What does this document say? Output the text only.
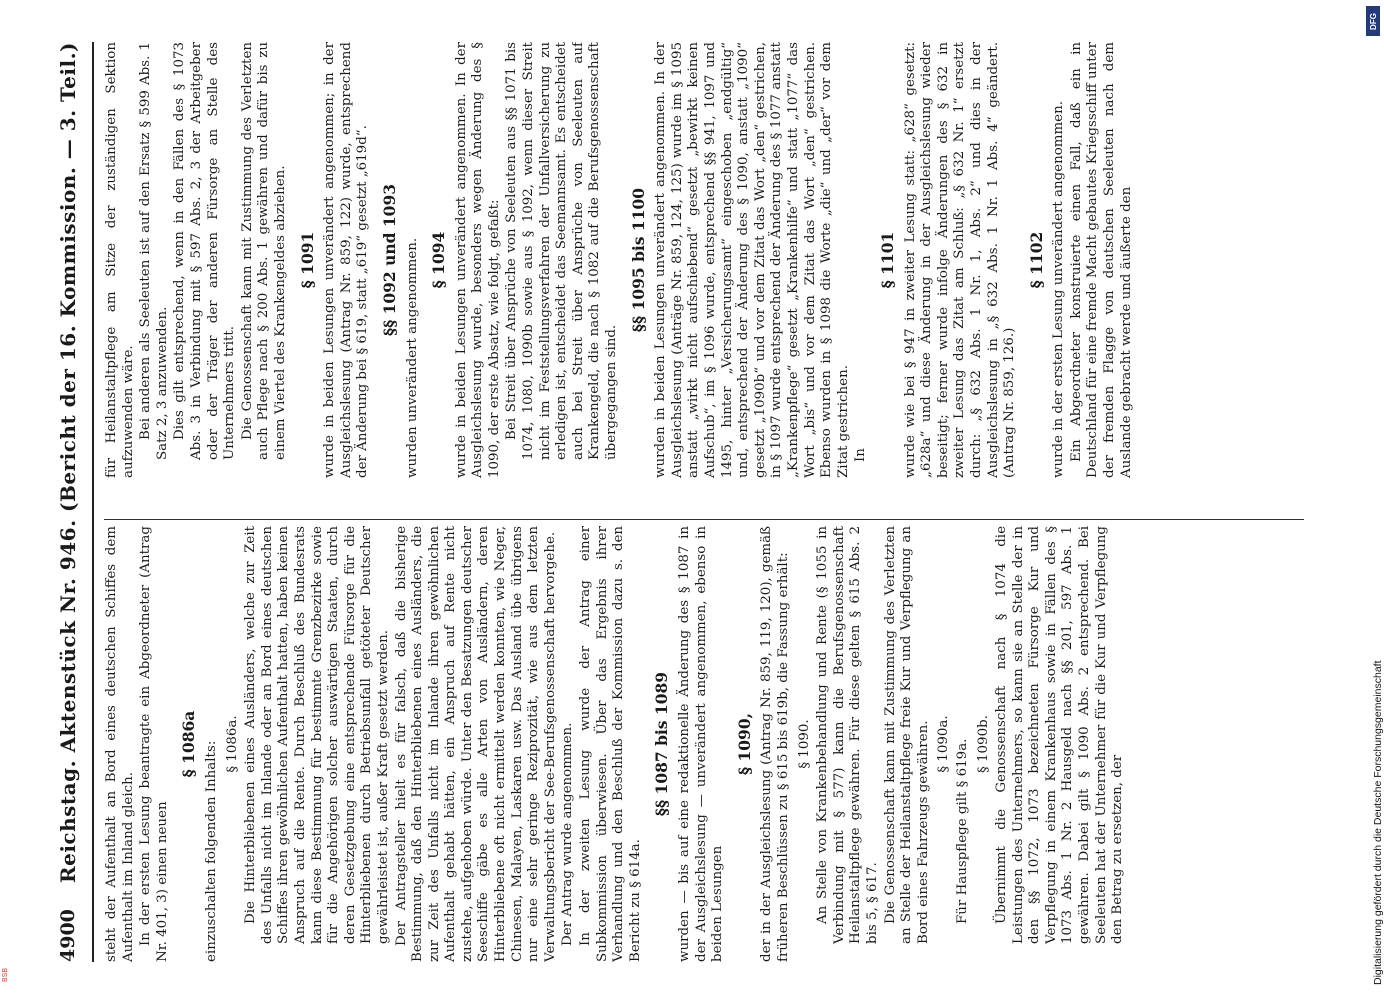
4900
Reichstag. Aktenstück Nr. 946. (Bericht der 16. Kommission. — 3. Teil.) steht der Aufenthalt an Bord eines deutschen Schiffes dem Aufenthalt im Inland gleich. In der ersten Lesung beantragte ein Abgeordneter (Antrag Nr. 401, 3) einen neuen

§ 1086a einzuschalten folgenden Inhalts: § 1086a. Die Hinterbliebenen eines Ausländers, welche zur Zeit des Unfalls nicht im Inlande oder an Bord eines deutschen Schiffes ihren gewöhnlichen Aufenthalt hatten, haben keinen Anspruch auf die Rente. Durch Beschluß des Bundesrats kann diese Bestimmung für bestimmte Grenzbezirke sowie für die Angehörigen solcher auswärtigen Staaten, durch deren Gesetzgebung eine entsprechende Fürsorge für die Hinterbliebenen durch Betriebsunfall getöteter Deutscher gewährleistet ist, außer Kraft gesetzt werden. Der Antragsteller hielt es für falsch, daß die bisherige Bestimmung, daß den Hinterbliebenen eines Ausländers, die zur Zeit des Unfalls nicht im Inlande ihren gewöhnlichen Aufenthalt gehabt hätten, ein Anspruch auf Rente nicht zustehe, aufgehoben würde. Unter den Besatzungen deutscher Seeschiffe gäbe es alle Arten von Ausländern, deren Hinterbliebene oft nicht ermittelt werden konnten, wie Neger, Chinesen, Malayen, Laskaren usw. Das Ausland übe übrigens nur eine sehr geringe Reziprozität, wie aus dem letzten Verwaltungsbericht der See-Berufsgenossenschaft hervorgehe. Der Antrag wurde angenommen. In der zweiten Lesung wurde der Antrag einer Subkommission überwiesen. Über das Ergebnis ihrer Verhandlung und den Beschluß der Kommission dazu s. den Bericht zu § 614a.

§§ 1087 bis 1089 wurden — bis auf eine redaktionelle Änderung des § 1087 in der Ausgleichslesung — unverändert angenommen, ebenso in beiden Lesungen

§ 1090, der in der Ausgleichslesung (Antrag Nr. 859, 119, 120), gemäß früheren Beschlüssen zu § 615 bis 619b, die Fassung erhält: § 1090. An Stelle von Krankenbehandlung und Rente (§ 1055 in Verbindung mit § 577) kann die Berufsgenossenschaft Heilanstaltpflege gewähren. Für diese gelten § 615 Abs. 2 bis 5, § 617. Die Genossenschaft kann mit Zustimmung des Verletzten an Stelle der Heilanstaltpflege freie Kur und Verpflegung an Bord eines Fahrzeugs gewähren. § 1090a. Für Hauspflege gilt § 619a. § 1090b. Übernimmt die Genossenschaft nach § 1074 die Leistungen des Unternehmers, so kann sie an Stelle der in den §§ 1072, 1073 bezeichneten Fürsorge Kur und Verpflegung in einem Krankenhaus sowie in Fällen des § 1073 Abs. 1 Nr. 2 Hausgeld nach §§ 201, 597 Abs. 1 gewähren. Dabei gilt § 1090 Abs. 2 entsprechend. Bei Seeleuten hat der Unternehmer für die Kur und Verpflegung den Betrag zu ersetzen, der

für Heilanstaltpflege am Sitze der zuständigen Sektion aufzuwenden wäre. Bei anderen als Seeleuten ist auf den Ersatz § 599 Abs. 1 Satz 2, 3 anzuwenden. Dies gilt entsprechend, wenn in den Fällen des § 1073 Abs. 3 in Verbindung mit § 597 Abs. 2, 3 der Arbeitgeber oder der Träger der anderen Fürsorge an Stelle des Unternehmers tritt. Die Genossenschaft kann mit Zustimmung des Verletzten auch Pflege nach § 200 Abs. 1 gewähren und dafür bis zu einem Viertel des Krankengeldes abziehen. § 1091 wurde in beiden Lesungen unverändert angenommen; in der Ausgleichslesung (Antrag Nr. 859, 122) wurde, entsprechend der Änderung bei § 619, statt „619“ gesetzt „619d“. §§ 1092 und 1093 wurden unverändert angenommen. § 1094 wurde in beiden Lesungen unverändert angenommen. In der Ausgleichslesung wurde, besonders wegen Änderung des § 1090, der erste Absatz, wie folgt, gefaßt: Bei Streit über Ansprüche von Seeleuten aus §§ 1071 bis 1074, 1080, 1090b sowie aus § 1092, wenn dieser Streit nicht im Feststellungsverfahren der Unfallversicherung zu erledigen ist, entscheidet das Seemannsamt. Es entscheidet auch bei Streit über Ansprüche von Seeleuten auf Krankengeld, die nach § 1082 auf die Berufsgenossenschaft übergegangen sind.

§§ 1095 bis 1100 wurden in beiden Lesungen unverändert angenommen. In der Ausgleichslesung (Anträge Nr. 859, 124, 125) wurde im § 1095 anstatt „wirkt nicht aufschiebend“ gesetzt „bewirkt keinen Aufschub“, im § 1096 wurde, entsprechend §§ 941, 1097 und 1495, hinter „Versicherungsamt“ eingeschoben „endgültig“ und, entsprechend der Änderung des § 1090, anstatt „1090“ gesetzt „1090b“ und vor dem Zitat das Wort „den“ gestrichen, in § 1097 wurde entsprechend der Änderung des § 1077 anstatt „Krankenpflege“ gesetzt „Krankenhilfe“ und statt „1077“ das Wort „bis“ und vor dem Zitat das Wort „den“ gestrichen. Ebenso wurden in § 1098 die Worte „die“ und „der“ vor dem Zitat gestrichen. In

§ 1101 wurde wie bei § 947 in zweiter Lesung statt: „628“ gesetzt: „628a“ und diese Änderung in der Ausgleichslesung wieder beseitigt; ferner wurde infolge Änderungen des § 632 in zweiter Lesung das Zitat am Schluß: „§ 632 Nr. 1“ ersetzt durch: „§ 632 Abs. 1 Nr. 1, Abs. 2“ und dies in der Ausgleichslesung in „§ 632 Abs. 1 Nr. 1 Abs. 4“ geändert. (Antrag Nr. 859, 126.)

§ 1102 wurde in der ersten Lesung unverändert angenommen. Ein Abgeordneter konstruierte einen Fall, daß ein in Deutschland für eine fremde Macht gebautes Kriegsschiff unter der fremden Flagge von deutschen Seeleuten nach dem Auslande gebracht werde und äußerte den

DFG
Digitalisierung gefördert durch die Deutsche Forschungsgemeinschaft
BSB
